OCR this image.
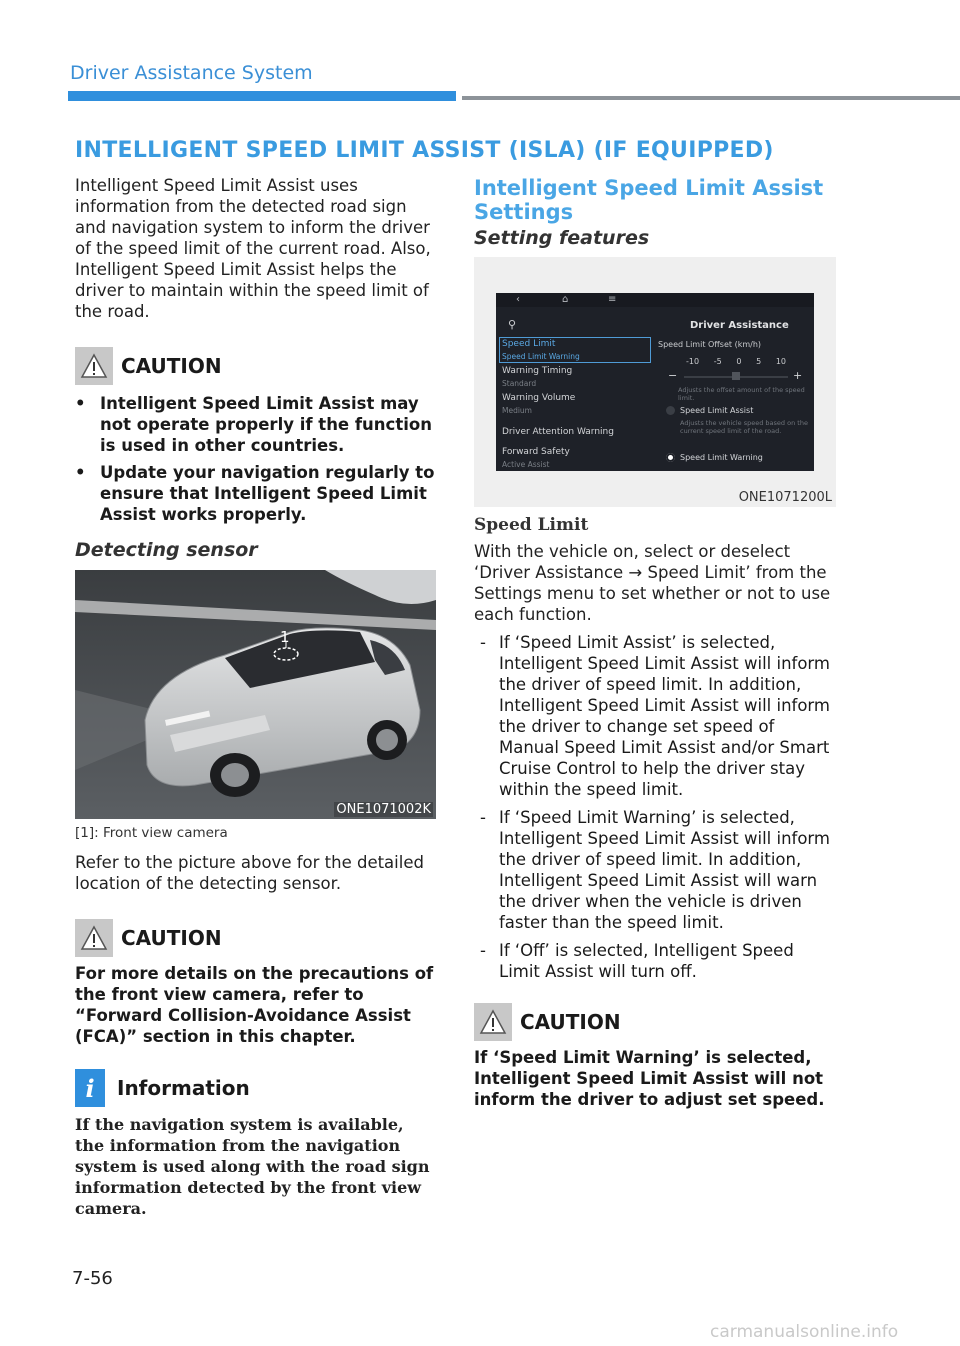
Driver Assistance System
INTELLIGENT SPEED LIMIT ASSIST (ISLA) (IF EQUIPPED)
Intelligent Speed Limit Assist uses information from the detected road sign and navigation system to inform the driver of the speed limit of the current road. Also, Intelligent Speed Limit Assist helps the driver to maintain within the speed limit of the road.
CAUTION
• Intelligent Speed Limit Assist may not operate properly if the function is used in other countries.
• Update your navigation regularly to ensure that Intelligent Speed Limit Assist works properly.
Detecting sensor
1
ONE1071002K
[1]: Front view camera
Refer to the picture above for the detailed location of the detecting sensor.
CAUTION
For more details on the precautions of the front view camera, refer to “Forward Collision-Avoidance Assist (FCA)” section in this chapter.
i Information
If the navigation system is available, the information from the navigation system is used along with the road sign information detected by the front view camera.
Intelligent Speed Limit Assist
Settings
Setting features
‹	⌂	≡
⚲	Driver Assistance
Speed Limit
Speed Limit Warning
Warning Timing
Standard
Warning Volume
Medium
Driver Attention Warning
Forward Safety
Active Assist
Speed Limit Offset (km/h)
-10 -5 0 5 10
−	+
Adjusts the offset amount of the speed limit.
Speed Limit Assist
Adjusts the vehicle speed based on the current speed limit of the road.
Speed Limit Warning
ONE1071200L
Speed Limit
With the vehicle on, select or deselect ‘Driver Assistance → Speed Limit’ from the Settings menu to set whether or not to use each function.
- If ‘Speed Limit Assist’ is selected, Intelligent Speed Limit Assist will inform the driver of speed limit. In addition, Intelligent Speed Limit Assist will inform the driver to change set speed of Manual Speed Limit Assist and/or Smart Cruise Control to help the driver stay within the speed limit.
- If ‘Speed Limit Warning’ is selected, Intelligent Speed Limit Assist will inform the driver of speed limit. In addition, Intelligent Speed Limit Assist will warn the driver when the vehicle is driven faster than the speed limit.
- If ‘Off’ is selected, Intelligent Speed Limit Assist will turn off.
CAUTION
If ‘Speed Limit Warning’ is selected, Intelligent Speed Limit Assist will not inform the driver to adjust set speed.
7-56
carmanualsonline.info
